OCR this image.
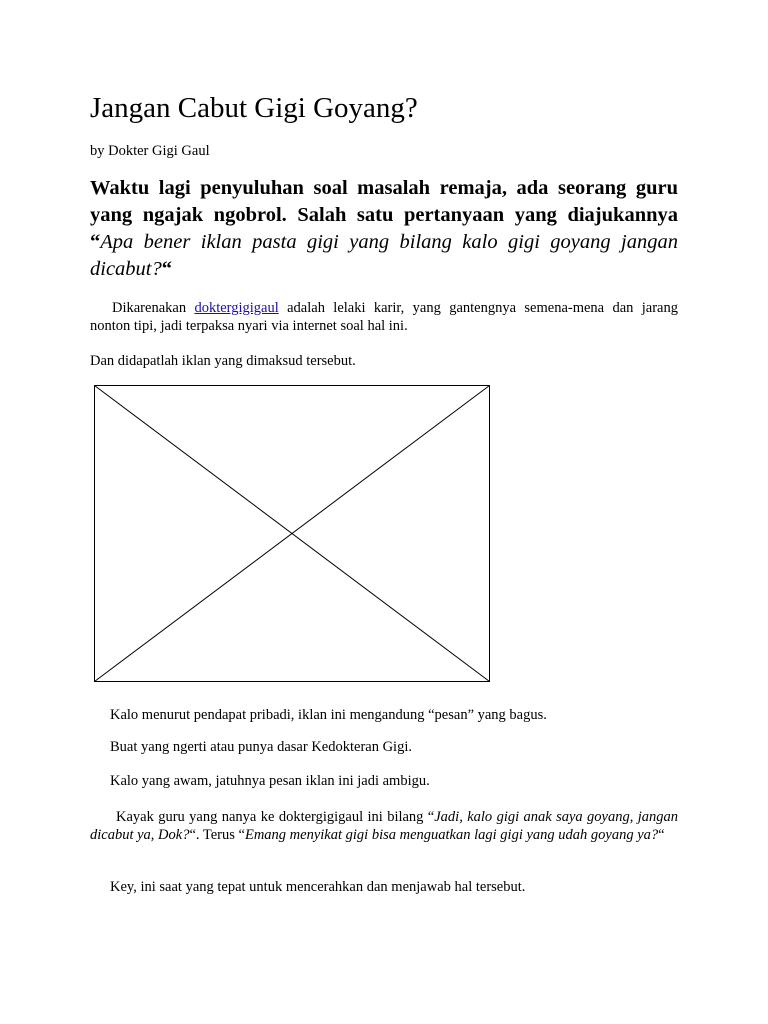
Jangan Cabut Gigi Goyang?
by Dokter Gigi Gaul

Waktu lagi penyuluhan soal masalah remaja, ada seorang guru yang ngajak ngobrol. Salah satu pertanyaan yang diajukannya “Apa bener iklan pasta gigi yang bilang kalo gigi goyang jangan dicabut?“

Dikarenakan doktergigigaul adalah lelaki karir, yang gantengnya semena-mena dan jarang nonton tipi, jadi terpaksa nyari via internet soal hal ini.

Dan didapatlah iklan yang dimaksud tersebut.

Kalo menurut pendapat pribadi, iklan ini mengandung “pesan” yang bagus.

Buat yang ngerti atau punya dasar Kedokteran Gigi.

Kalo yang awam, jatuhnya pesan iklan ini jadi ambigu.

Kayak guru yang nanya ke doktergigigaul ini bilang “Jadi, kalo gigi anak saya goyang, jangan dicabut ya, Dok?“. Terus “Emang menyikat gigi bisa menguatkan lagi gigi yang udah goyang ya?“

Key, ini saat yang tepat untuk mencerahkan dan menjawab hal tersebut.
